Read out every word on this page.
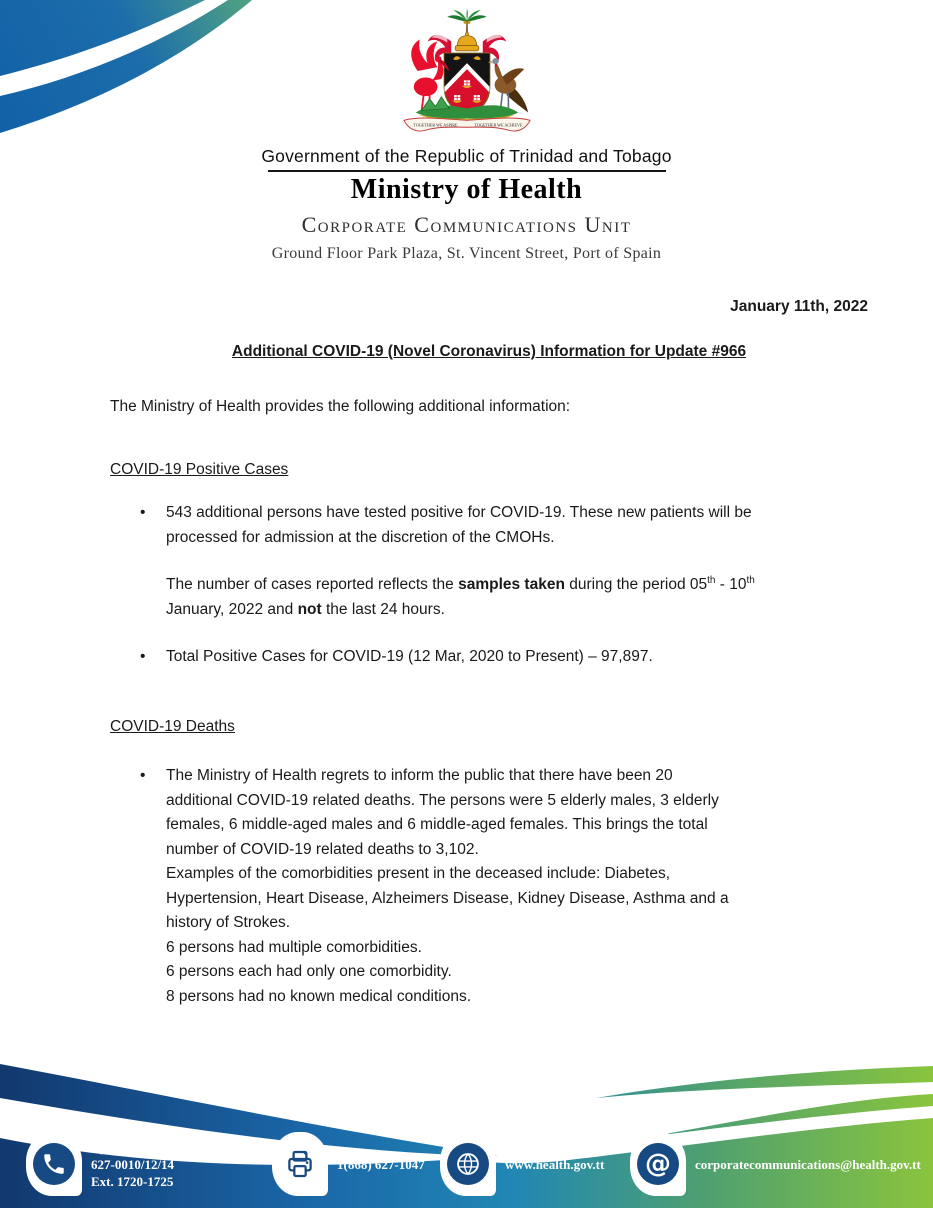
TOGETHER WE ASPIRE	TOGETHER WE ACHIEVE
Government of the Republic of Trinidad and Tobago
Ministry of Health
Corporate Communications Unit
Ground Floor Park Plaza, St. Vincent Street, Port of Spain
January 11th, 2022
Additional COVID-19 (Novel Coronavirus) Information for Update #966
The Ministry of Health provides the following additional information:
COVID-19 Positive Cases
•
543 additional persons have tested positive for COVID-19. These new patients will be
processed for admission at the discretion of the CMOHs.
The number of cases reported reflects the samples taken during the period 05th - 10th
January, 2022 and not the last 24 hours.
•
Total Positive Cases for COVID-19 (12 Mar, 2020 to Present) – 97,897.
COVID-19 Deaths
•
The Ministry of Health regrets to inform the public that there have been 20
additional COVID-19 related deaths. The persons were 5 elderly males, 3 elderly
females, 6 middle-aged males and 6 middle-aged females. This brings the total
number of COVID-19 related deaths to 3,102.
Examples of the comorbidities present in the deceased include: Diabetes,
Hypertension, Heart Disease, Alzheimers Disease, Kidney Disease, Asthma and a
history of Strokes.
6 persons had multiple comorbidities.
6 persons each had only one comorbidity.
8 persons had no known medical conditions.
1(868) 627-1047/ 623-8492 or
627-0010/12/14
Ext. 1720-1725
1(868) 627-1047	www.health.gov.tt @ corporatecommunications@health.gov.tt
